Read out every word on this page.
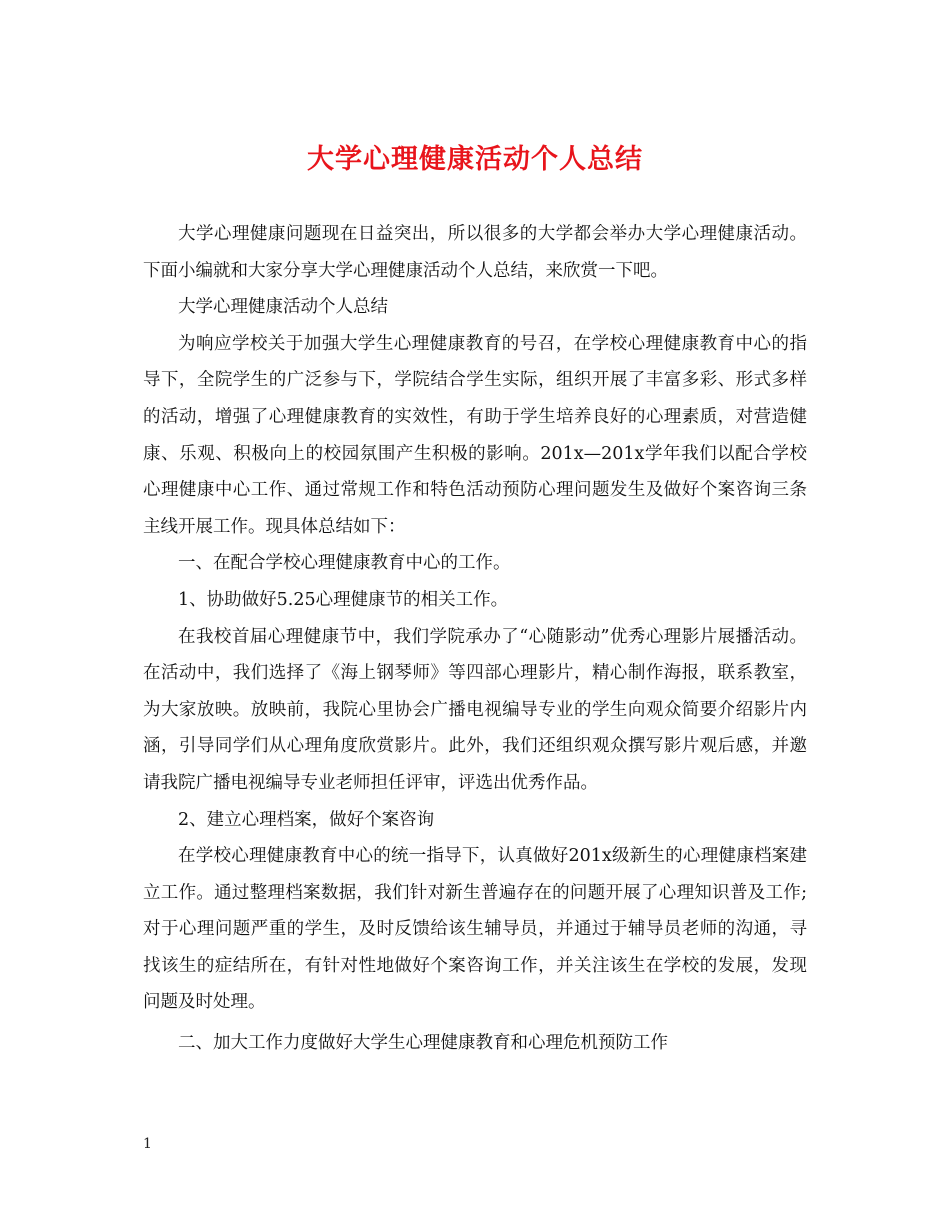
大学心理健康活动个人总结

大学心理健康问题现在日益突出，所以很多的大学都会举办大学心理健康活动。下面小编就和大家分享大学心理健康活动个人总结，来欣赏一下吧。

大学心理健康活动个人总结

为响应学校关于加强大学生心理健康教育的号召，在学校心理健康教育中心的指导下，全院学生的广泛参与下，学院结合学生实际，组织开展了丰富多彩、形式多样的活动，增强了心理健康教育的实效性，有助于学生培养良好的心理素质，对营造健康、乐观、积极向上的校园氛围产生积极的影响。201x—201x学年我们以配合学校心理健康中心工作、通过常规工作和特色活动预防心理问题发生及做好个案咨询三条主线开展工作。现具体总结如下：

一、在配合学校心理健康教育中心的工作。

1、协助做好5.25心理健康节的相关工作。

在我校首届心理健康节中，我们学院承办了“心随影动”优秀心理影片展播活动。在活动中，我们选择了《海上钢琴师》等四部心理影片，精心制作海报，联系教室，为大家放映。放映前，我院心里协会广播电视编导专业的学生向观众简要介绍影片内涵，引导同学们从心理角度欣赏影片。此外，我们还组织观众撰写影片观后感，并邀请我院广播电视编导专业老师担任评审，评选出优秀作品。

2、建立心理档案，做好个案咨询

在学校心理健康教育中心的统一指导下，认真做好201x级新生的心理健康档案建立工作。通过整理档案数据，我们针对新生普遍存在的问题开展了心理知识普及工作;对于心理问题严重的学生，及时反馈给该生辅导员，并通过于辅导员老师的沟通，寻找该生的症结所在，有针对性地做好个案咨询工作，并关注该生在学校的发展，发现问题及时处理。

二、加大工作力度做好大学生心理健康教育和心理危机预防工作

1
